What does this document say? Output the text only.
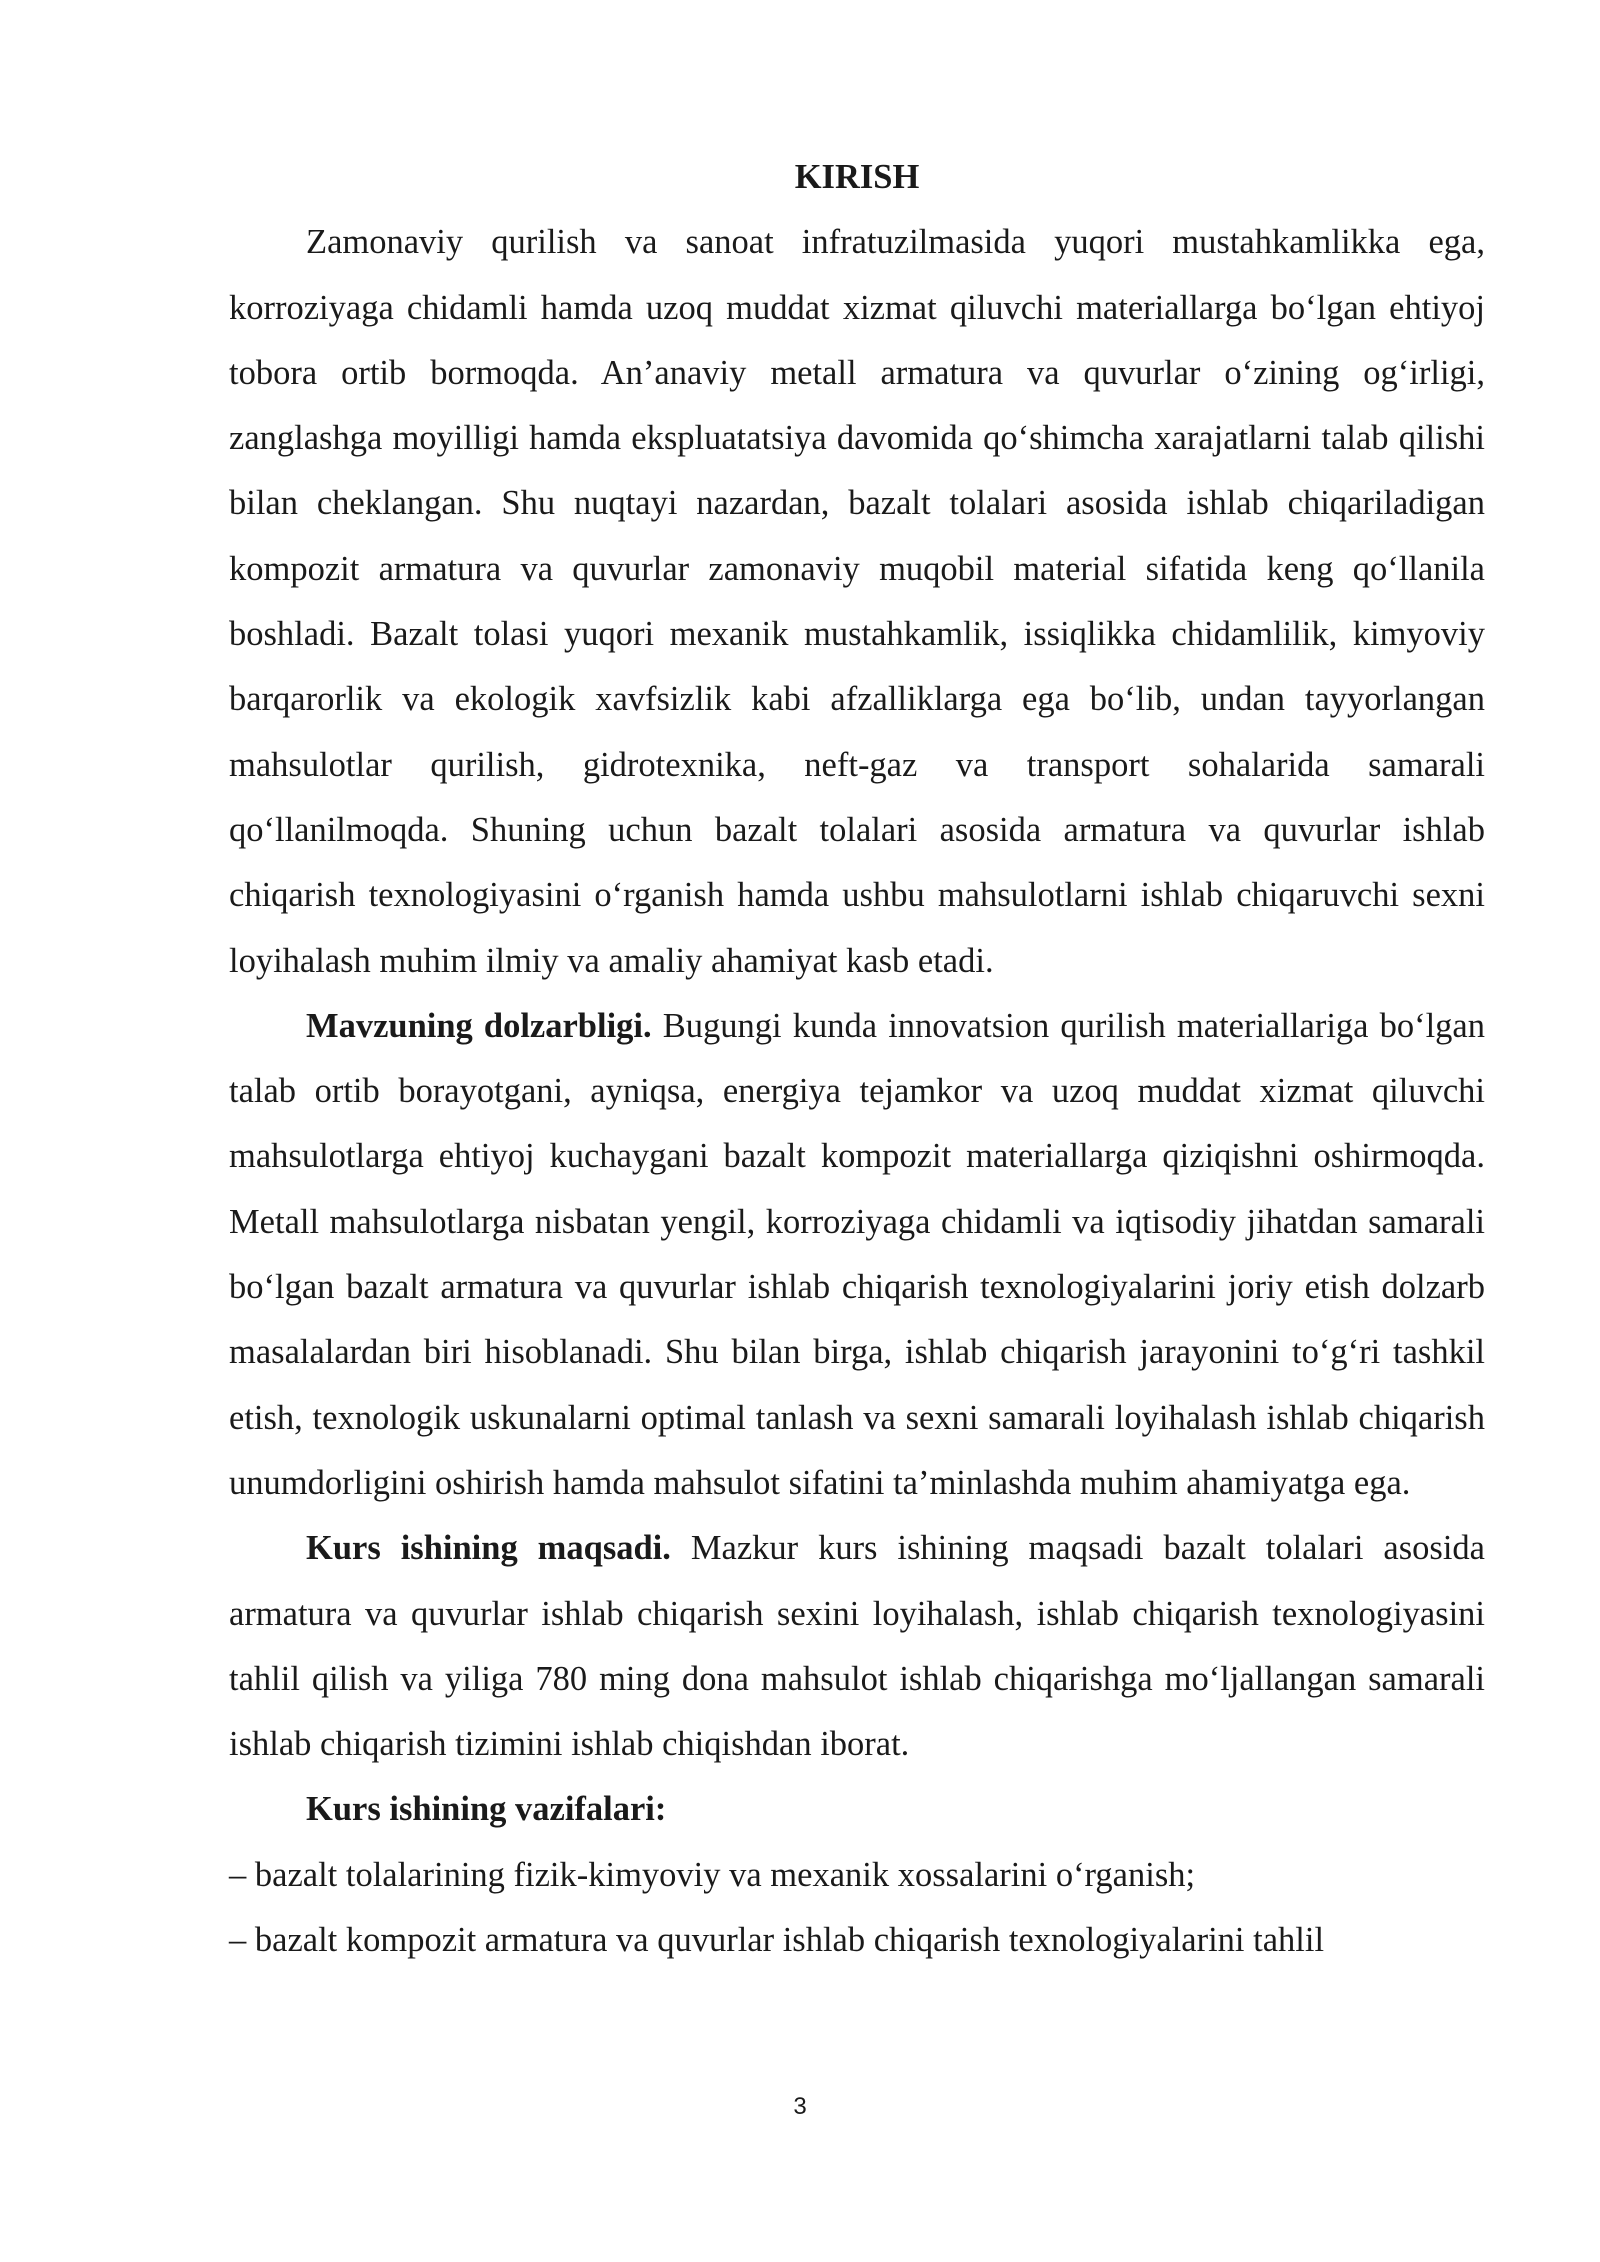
KIRISH

Zamonaviy qurilish va sanoat infratuzilmasida yuqori mustahkamlikka ega, korroziyaga chidamli hamda uzoq muddat xizmat qiluvchi materiallarga bo‘lgan ehtiyoj tobora ortib bormoqda. An’anaviy metall armatura va quvurlar o‘zining og‘irligi, zanglashga moyilligi hamda ekspluatatsiya davomida qo‘shimcha xarajatlarni talab qilishi bilan cheklangan. Shu nuqtayi nazardan, bazalt tolalari asosida ishlab chiqariladigan kompozit armatura va quvurlar zamonaviy muqobil material sifatida keng qo‘llanila boshladi. Bazalt tolasi yuqori mexanik mustahkamlik, issiqlikka chidamlilik, kimyoviy barqarorlik va ekologik xavfsizlik kabi afzalliklarga ega bo‘lib, undan tayyorlangan mahsulotlar qurilish, gidrotexnika, neft-gaz va transport sohalarida samarali qo‘llanilmoqda. Shuning uchun bazalt tolalari asosida armatura va quvurlar ishlab chiqarish texnologiyasini o‘rganish hamda ushbu mahsulotlarni ishlab chiqaruvchi sexni loyihalash muhim ilmiy va amaliy ahamiyat kasb etadi.

Mavzuning dolzarbligi. Bugungi kunda innovatsion qurilish materiallariga bo‘lgan talab ortib borayotgani, ayniqsa, energiya tejamkor va uzoq muddat xizmat qiluvchi mahsulotlarga ehtiyoj kuchaygani bazalt kompozit materiallarga qiziqishni oshirmoqda. Metall mahsulotlarga nisbatan yengil, korroziyaga chidamli va iqtisodiy jihatdan samarali bo‘lgan bazalt armatura va quvurlar ishlab chiqarish texnologiyalarini joriy etish dolzarb masalalardan biri hisoblanadi. Shu bilan birga, ishlab chiqarish jarayonini to‘g‘ri tashkil etish, texnologik uskunalarni optimal tanlash va sexni samarali loyihalash ishlab chiqarish unumdorligini oshirish hamda mahsulot sifatini ta’minlashda muhim ahamiyatga ega.

Kurs ishining maqsadi. Mazkur kurs ishining maqsadi bazalt tolalari asosida armatura va quvurlar ishlab chiqarish sexini loyihalash, ishlab chiqarish texnologiyasini tahlil qilish va yiliga 780 ming dona mahsulot ishlab chiqarishga mo‘ljallangan samarali ishlab chiqarish tizimini ishlab chiqishdan iborat.

Kurs ishining vazifalari:

– bazalt tolalarining fizik-kimyoviy va mexanik xossalarini o‘rganish;

– bazalt kompozit armatura va quvurlar ishlab chiqarish texnologiyalarini tahlil

3
